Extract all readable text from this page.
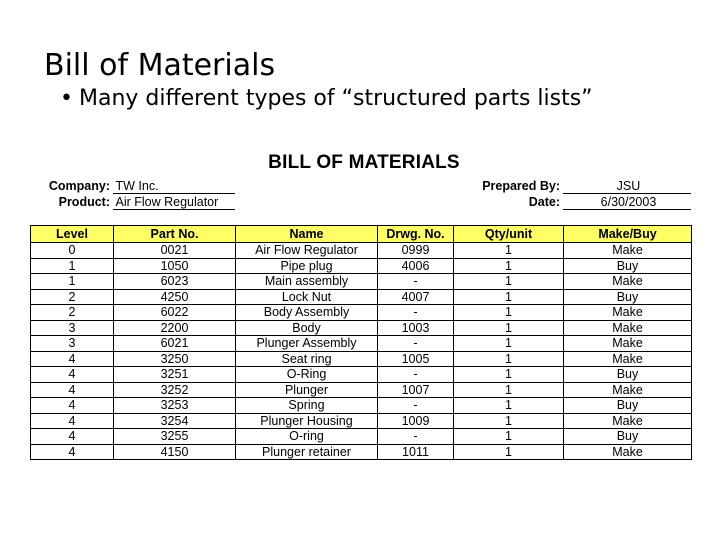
Bill of Materials
• Many different types of “structured parts lists”
BILL OF MATERIALS
Company: TW Inc.
Product: Air Flow Regulator
Prepared By:	JSU
Date:	6/30/2003
Level	Part No.	Name	Drwg. No.	Qty/unit	Make/Buy
0	0021	Air Flow Regulator	0999	1	Make
1	1050	Pipe plug	4006	1	Buy
1	6023	Main assembly	-	1	Make
2	4250	Lock Nut	4007	1	Buy
2	6022	Body Assembly	-	1	Make
3	2200	Body	1003	1	Make
3	6021	Plunger Assembly	-	1	Make
4	3250	Seat ring	1005	1	Make
4	3251	O-Ring	-	1	Buy
4	3252	Plunger	1007	1	Make
4	3253	Spring	-	1	Buy
4	3254	Plunger Housing	1009	1	Make
4	3255	O-ring	-	1	Buy
4	4150	Plunger retainer	1011	1	Make
